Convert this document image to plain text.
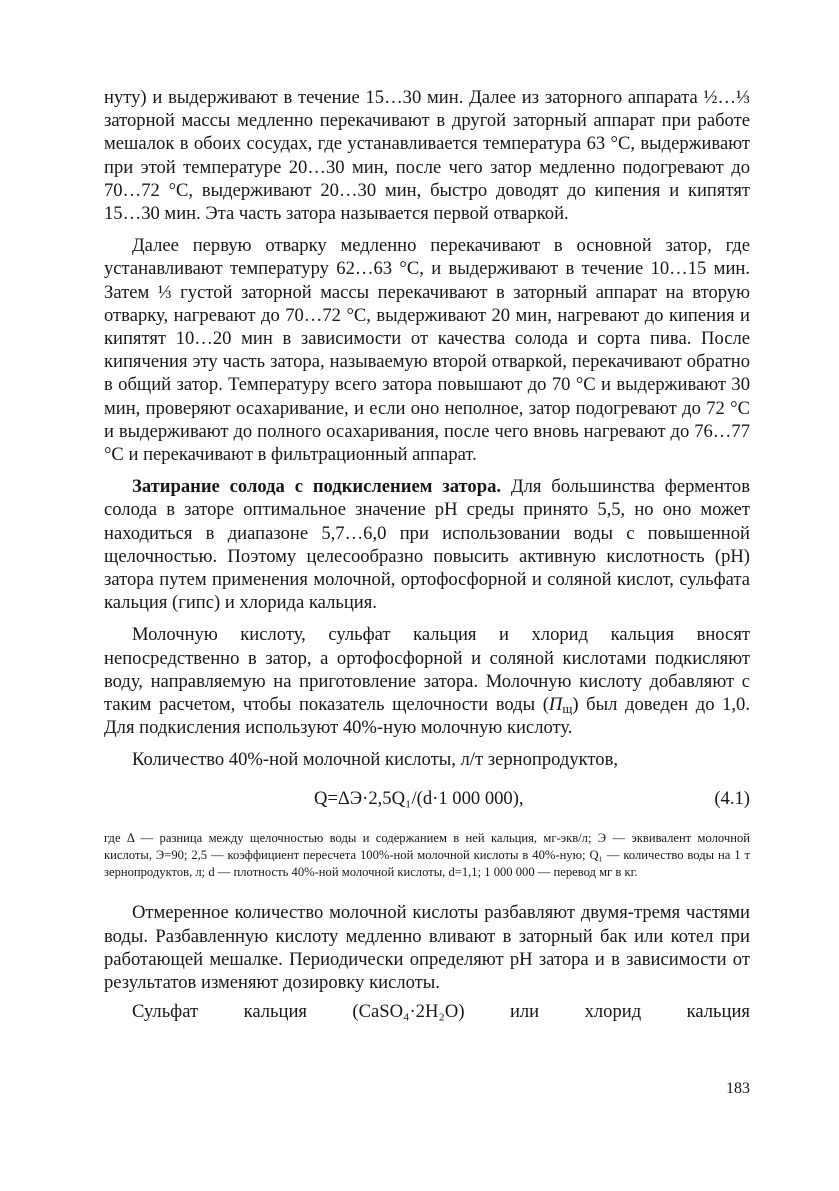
нуту) и выдерживают в течение 15…30 мин. Далее из заторного аппарата ½…⅓ заторной массы медленно перекачивают в другой заторный аппарат при работе мешалок в обоих сосудах, где устанавливается температура 63 °С, выдерживают при этой температуре 20…30 мин, после чего затор медленно подогревают до 70…72 °С, выдерживают 20…30 мин, быстро доводят до кипения и кипятят 15…30 мин. Эта часть затора называется первой отваркой.

Далее первую отварку медленно перекачивают в основной затор, где устанавливают температуру 62…63 °С, и выдерживают в течение 10…15 мин. Затем ⅓ густой заторной массы перекачивают в заторный аппарат на вторую отварку, нагревают до 70…72 °С, выдерживают 20 мин, нагревают до кипения и кипятят 10…20 мин в зависимости от качества солода и сорта пива. После кипячения эту часть затора, называемую второй отваркой, перекачивают обратно в общий затор. Температуру всего затора повышают до 70 °С и выдерживают 30 мин, проверяют осахаривание, и если оно неполное, затор подогревают до 72 °С и выдерживают до полного осахаривания, после чего вновь нагревают до 76…77 °С и перекачивают в фильтрационный аппарат.

Затирание солода с подкислением затора. Для большинства ферментов солода в заторе оптимальное значение рН среды принято 5,5, но оно может находиться в диапазоне 5,7…6,0 при использовании воды с повышенной щелочностью. Поэтому целесообразно повысить активную кислотность (рН) затора путем применения молочной, ортофосфорной и соляной кислот, сульфата кальция (гипс) и хлорида кальция.

Молочную кислоту, сульфат кальция и хлорид кальция вносят непосредственно в затор, а ортофосфорной и соляной кислотами подкисляют воду, направляемую на приготовление затора. Молочную кислоту добавляют с таким расчетом, чтобы показатель щелочности воды $(П_щ)$ был доведен до 1,0. Для подкисления используют 40%-ную молочную кислоту.

Количество 40%-ной молочной кислоты, л/т зернопродуктов,

Q=ΔЭ·2,5Q₁/(d·1 000 000),	(4.1)

где Δ — разница между щелочностью воды и содержанием в ней кальция, мг-экв/л; Э — эквивалент молочной кислоты, Э=90; 2,5 — коэффициент пересчета 100%-ной молочной кислоты в 40%-ную; Q₁ — количество воды на 1 т зернопродуктов, л; d — плотность 40%-ной молочной кислоты, d=1,1; 1 000 000 — перевод мг в кг.

Отмеренное количество молочной кислоты разбавляют двумя-тремя частями воды. Разбавленную кислоту медленно вливают в заторный бак или котел при работающей мешалке. Периодически определяют рН затора и в зависимости от результатов изменяют дозировку кислоты.

Сульфат кальция (CaSO₄·2H₂O) или хлорид кальция
183
